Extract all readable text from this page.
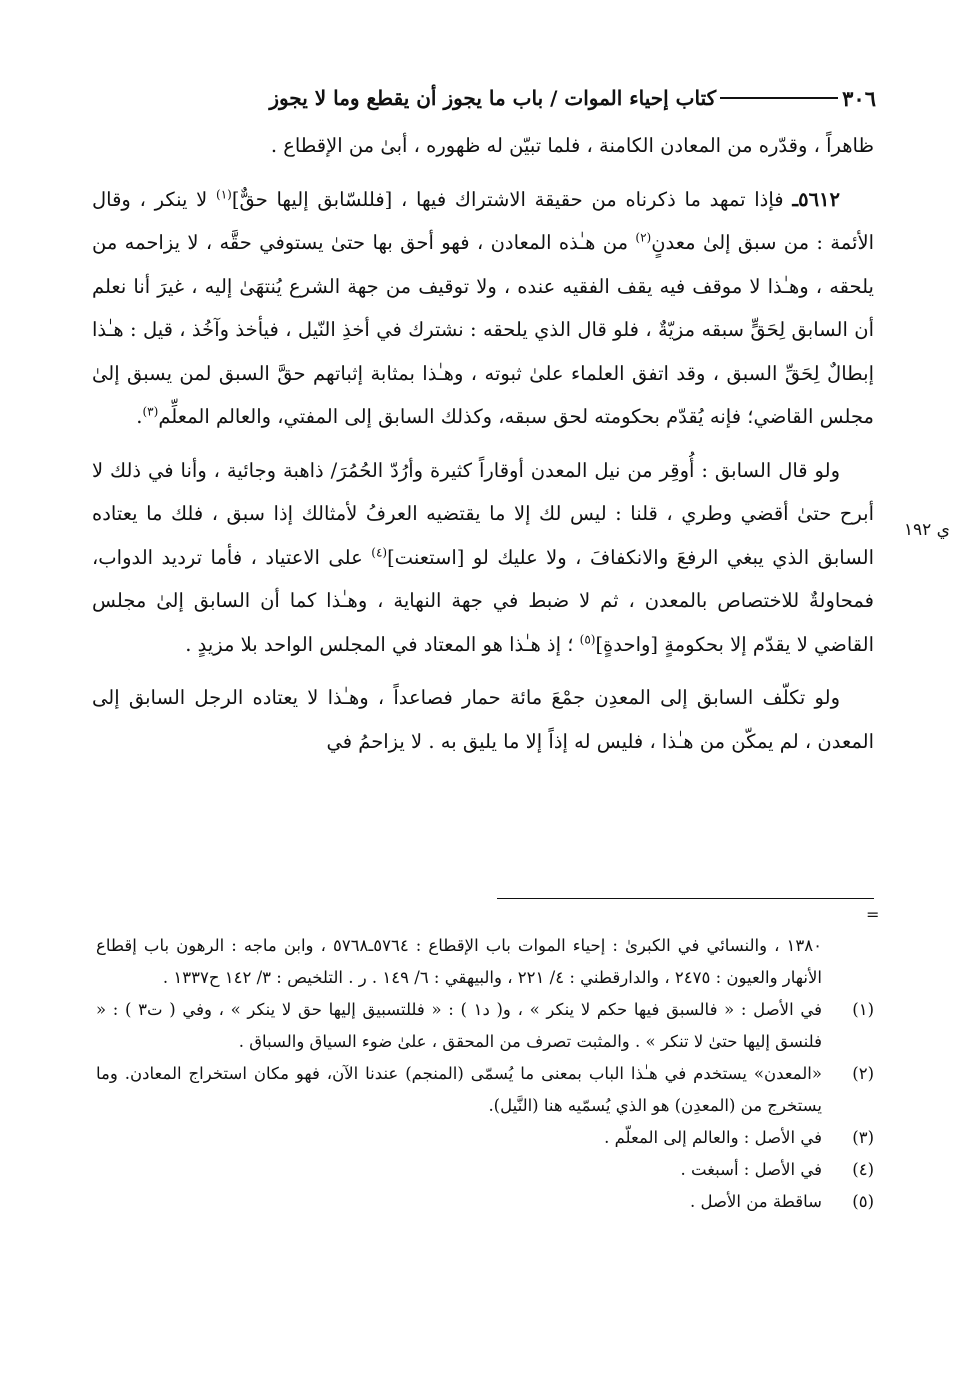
٣٠٦
كتاب إحياء الموات / باب ما يجوز أن يقطع وما لا يجوز
ي ١٩٢

ظاهراً ، وقدّره من المعادن الكامنة ، فلما تبيّن له ظهوره ، أبىٰ من الإقطاع .

٥٦١٢ـ فإذا تمهد ما ذكرناه من حقيقة الاشتراك فيها ، [فللسّابق إليها حقٌّ]$^{(١)}$ لا ينكر ، وقال الأئمة : من سبق إلىٰ معدنٍ$^{(٢)}$ من هـٰذه المعادن ، فهو أحق بها حتىٰ يستوفي حقَّه ، لا يزاحمه من يلحقه ، وهـٰذا لا موقف فيه يقف الفقيه عنده ، ولا توقيف من جهة الشرع يُنتهَىٰ إليه ، غيرَ أنا نعلم أن السابق لِحَقٍّ سبقه مزيّةٌ ، فلو قال الذي يلحقه : نشترك في أخذِ النّيل ، فيأخذ وآخُذ ، قيل : هـٰذا إبطالٌ لِحَقِّ السبق ، وقد اتفق العلماء علىٰ ثبوته ، وهـٰذا بمثابة إثباتهم حقَّ السبق لمن يسبق إلىٰ مجلس القاضي؛ فإنه يُقدّم بحكومته لحق سبقه، وكذلك السابق إلى المفتي، والعالم المعلِّم$^{(٣)}$.

ولو قال السابق : أُوقِر من نيل المعدن أوقاراً كثيرة وأرُدّ الحُمُرَ/ ذاهبة وجائية ، وأنا في ذلك لا أبرح حتىٰ أقضي وطري ، قلنا : ليس لك إلا ما يقتضيه العرفُ لأمثالك إذا سبق ، فلك ما يعتاده السابق الذي يبغي الرفعَ والانكفافَ ، ولا عليك لو [استعنت]$^{(٤)}$ على الاعتياد ، فأما ترديد الدواب، فمحاولةٌ للاختصاص بالمعدن ، ثم لا ضبط في جهة النهاية ، وهـٰذا كما أن السابق إلىٰ مجلس القاضي لا يقدّم إلا بحكومةٍ [واحدةٍ]$^{(٥)}$ ؛ إذ هـٰذا هو المعتاد في المجلس الواحد بلا مزيدٍ .

ولو تكلّف السابق إلى المعدِن جمْعَ مائة حمار فصاعداً ، وهـٰذا لا يعتاده الرجل السابق إلى المعدن ، لم يمكّن من هـٰذا ، فليس له إذاً إلا ما يليق به . لا يزاحمُ في

=
١٣٨٠ ، والنسائي في الكبرىٰ : إحياء الموات باب الإقطاع : ٥٧٦٤ـ٥٧٦٨ ، وابن ماجه : الرهون باب إقطاع الأنهار والعيون : ٢٤٧٥ ، والدارقطني : ٤/ ٢٢١ ، والبيهقي : ٦/ ١٤٩ . ر . التلخيص : ٣/ ١٤٢ ح١٣٣٧ .
(١)
في الأصل : « فالسبق فيها حكم لا ينكر » ، و( د١ ) : « فللتسبيق إليها حق لا ينكر » ، وفي ( ت٣ ) : « فلنسق إليها حتىٰ لا تنكر » . والمثبت تصرف من المحقق ، علىٰ ضوء السياق والسباق .
(٢)
«المعدن» يستخدم في هـٰذا الباب بمعنى ما يُسمّى (المنجم) عندنا الآن، فهو مكان استخراج المعادن. وما يستخرج من (المعدِن) هو الذي يُسمّيه هنا (النَّيل).
(٣)
في الأصل : والعالم إلى المعلّم .
(٤)
في الأصل : أسبغت .
(٥)
ساقطة من الأصل .
